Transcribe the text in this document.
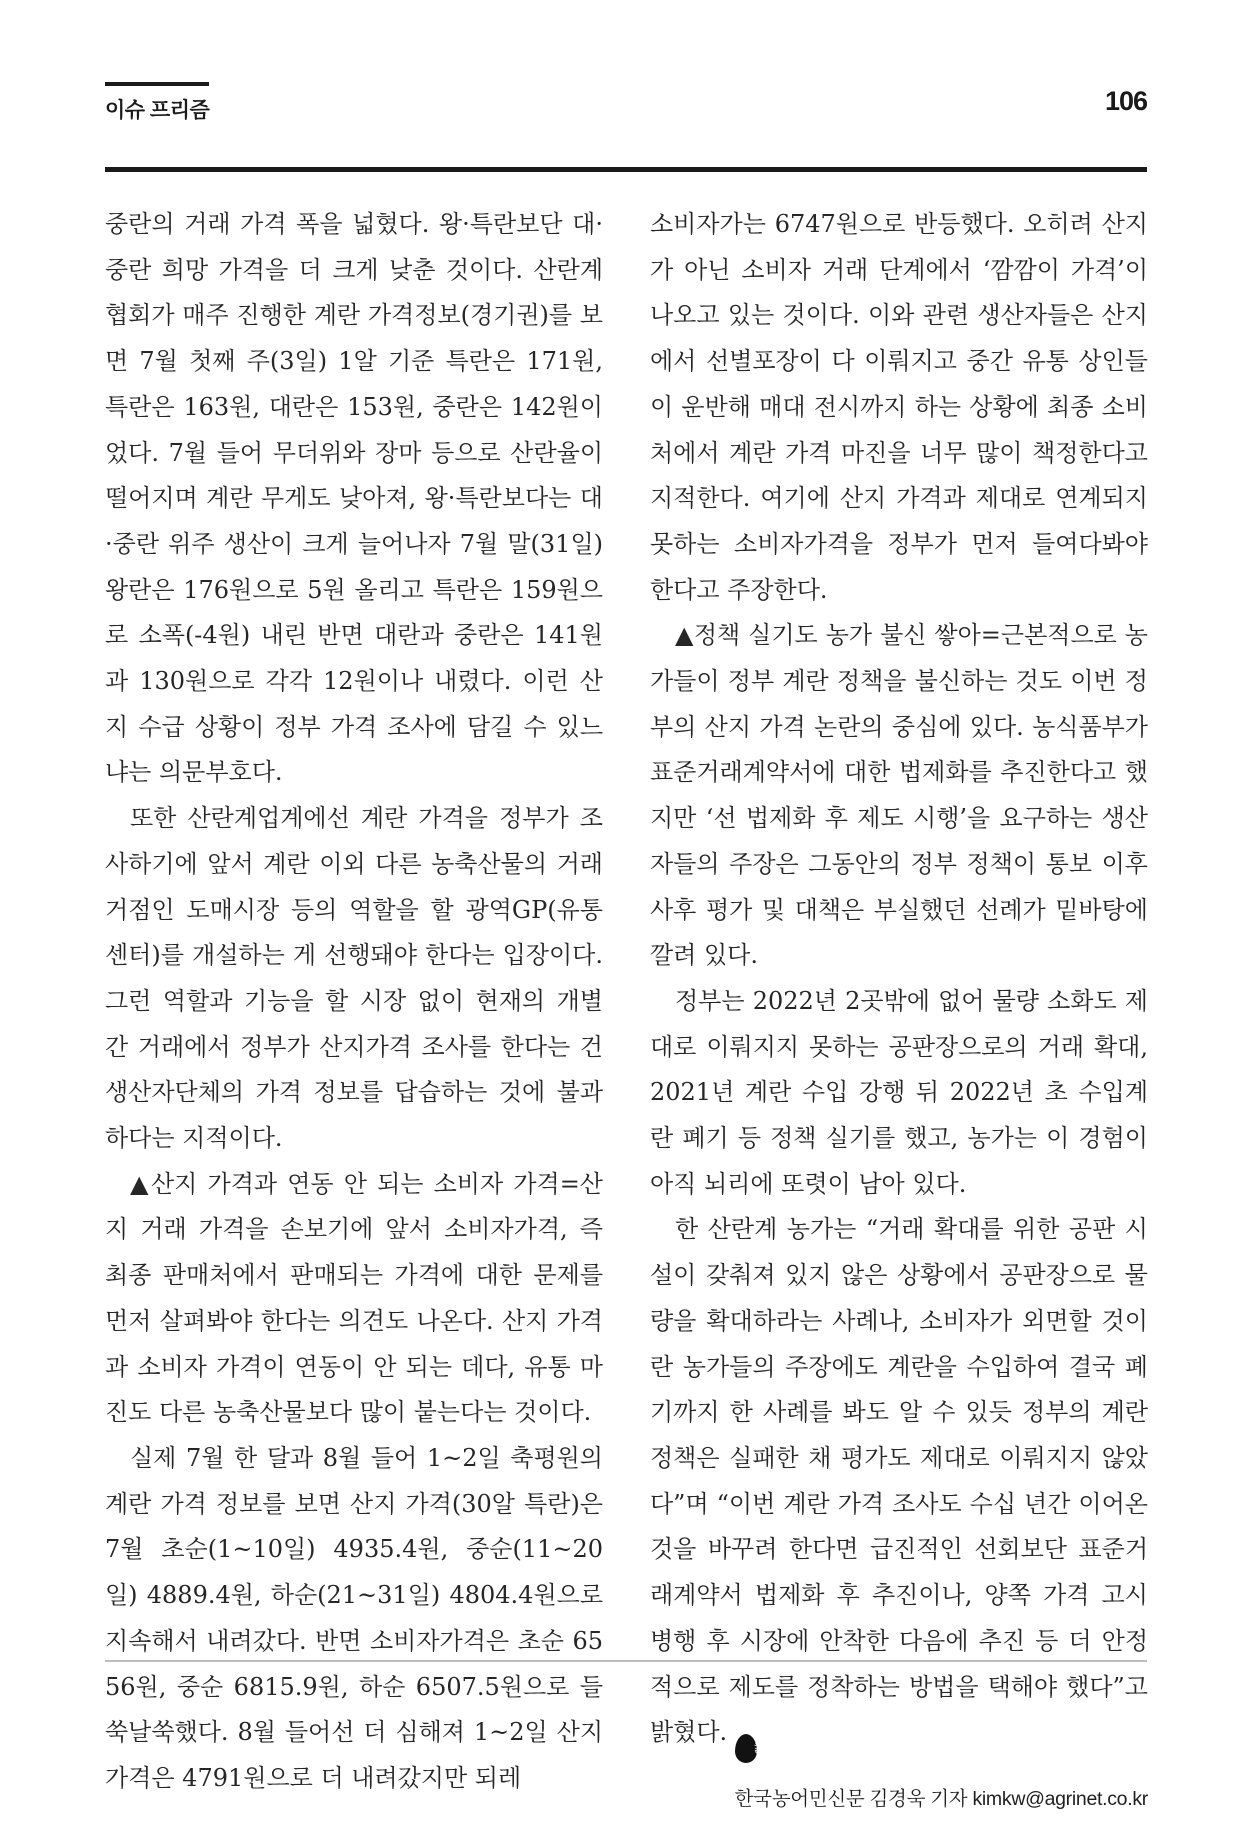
이슈 프리즘	106

중란의 거래 가격 폭을 넓혔다. 왕·특란보단 대·중란 희망 가격을 더 크게 낮춘 것이다. 산란계협회가 매주 진행한 계란 가격정보(경기권)를 보면 7월 첫째 주(3일) 1알 기준 특란은 171원, 특란은 163원, 대란은 153원, 중란은 142원이었다. 7월 들어 무더위와 장마 등으로 산란율이 떨어지며 계란 무게도 낮아져, 왕·특란보다는 대·중란 위주 생산이 크게 늘어나자 7월 말(31일) 왕란은 176원으로 5원 올리고 특란은 159원으로 소폭(-4원) 내린 반면 대란과 중란은 141원과 130원으로 각각 12원이나 내렸다. 이런 산지 수급 상황이 정부 가격 조사에 담길 수 있느냐는 의문부호다.

또한 산란계업계에선 계란 가격을 정부가 조사하기에 앞서 계란 이외 다른 농축산물의 거래 거점인 도매시장 등의 역할을 할 광역GP(유통센터)를 개설하는 게 선행돼야 한다는 입장이다. 그런 역할과 기능을 할 시장 없이 현재의 개별 간 거래에서 정부가 산지가격 조사를 한다는 건 생산자단체의 가격 정보를 답습하는 것에 불과하다는 지적이다.

▲산지 가격과 연동 안 되는 소비자 가격=산지 거래 가격을 손보기에 앞서 소비자가격, 즉 최종 판매처에서 판매되는 가격에 대한 문제를 먼저 살펴봐야 한다는 의견도 나온다. 산지 가격과 소비자 가격이 연동이 안 되는 데다, 유통 마진도 다른 농축산물보다 많이 붙는다는 것이다.

실제 7월 한 달과 8월 들어 1~2일 축평원의 계란 가격 정보를 보면 산지 가격(30알 특란)은 7월 초순(1~10일) 4935.4원, 중순(11~20일) 4889.4원, 하순(21~31일) 4804.4원으로 지속해서 내려갔다. 반면 소비자가격은 초순 6556원, 중순 6815.9원, 하순 6507.5원으로 들쑥날쑥했다. 8월 들어선 더 심해져 1~2일 산지가격은 4791원으로 더 내려갔지만 되레

소비자가는 6747원으로 반등했다. 오히려 산지가 아닌 소비자 거래 단계에서 ‘깜깜이 가격’이 나오고 있는 것이다. 이와 관련 생산자들은 산지에서 선별포장이 다 이뤄지고 중간 유통 상인들이 운반해 매대 전시까지 하는 상황에 최종 소비처에서 계란 가격 마진을 너무 많이 책정한다고 지적한다. 여기에 산지 가격과 제대로 연계되지 못하는 소비자가격을 정부가 먼저 들여다봐야 한다고 주장한다.

▲정책 실기도 농가 불신 쌓아=근본적으로 농가들이 정부 계란 정책을 불신하는 것도 이번 정부의 산지 가격 논란의 중심에 있다. 농식품부가 표준거래계약서에 대한 법제화를 추진한다고 했지만 ‘선 법제화 후 제도 시행’을 요구하는 생산자들의 주장은 그동안의 정부 정책이 통보 이후 사후 평가 및 대책은 부실했던 선례가 밑바탕에 깔려 있다.

정부는 2022년 2곳밖에 없어 물량 소화도 제대로 이뤄지지 못하는 공판장으로의 거래 확대, 2021년 계란 수입 강행 뒤 2022년 초 수입계란 폐기 등 정책 실기를 했고, 농가는 이 경험이 아직 뇌리에 또렷이 남아 있다.

한 산란계 농가는 “거래 확대를 위한 공판 시설이 갖춰져 있지 않은 상황에서 공판장으로 물량을 확대하라는 사례나, 소비자가 외면할 것이란 농가들의 주장에도 계란을 수입하여 결국 폐기까지 한 사례를 봐도 알 수 있듯 정부의 계란 정책은 실패한 채 평가도 제대로 이뤄지지 않았다”며 “이번 계란 가격 조사도 수십 년간 이어온 것을 바꾸려 한다면 급진적인 선회보단 표준거래계약서 법제화 후 추진이나, 양쪽 가격 고시 병행 후 시장에 안착한 다음에 추진 등 더 안정적으로 제도를 정착하는 방법을 택해야 했다”고 밝혔다.	스
력

한국농어민신문 김경욱 기자 kimkw@agrinet.co.kr
